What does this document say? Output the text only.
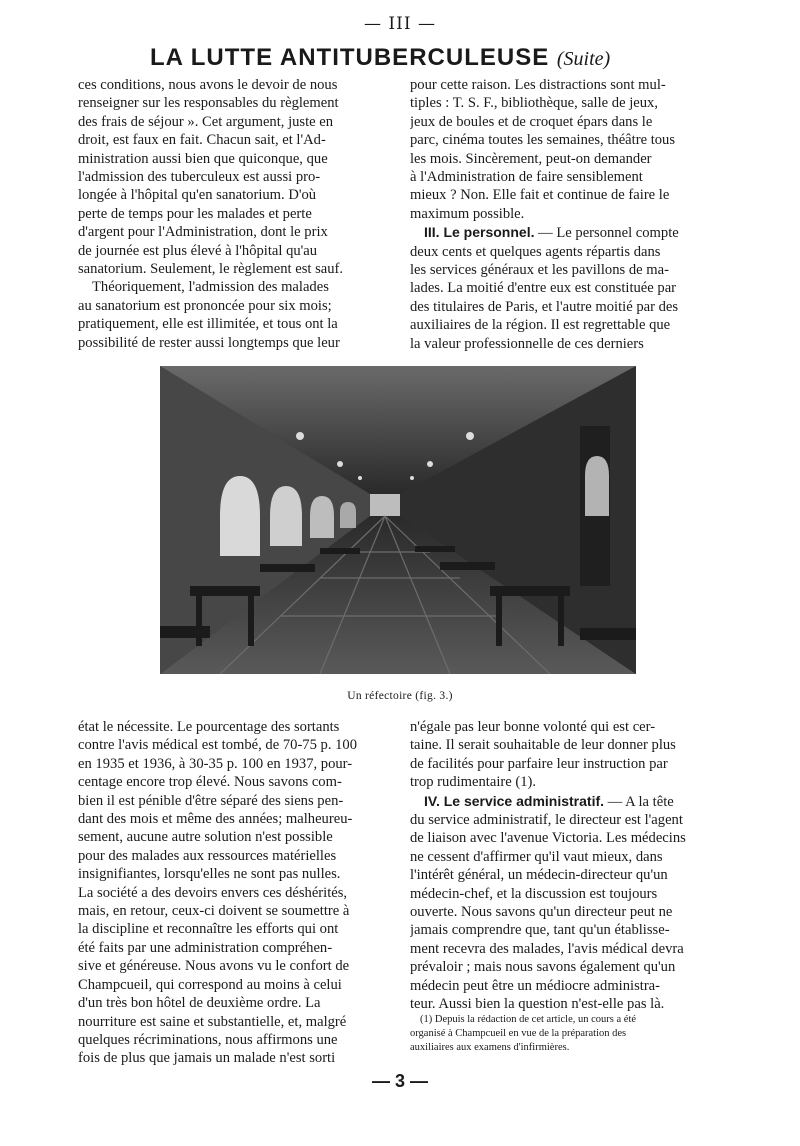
— III —
LA LUTTE ANTITUBERCULEUSE (Suite)

ces conditions, nous avons le devoir de nous

renseigner sur les responsables du règlement

des frais de séjour ». Cet argument, juste en

droit, est faux en fait. Chacun sait, et l'Ad-

ministration aussi bien que quiconque, que

l'admission des tuberculeux est aussi pro-

longée à l'hôpital qu'en sanatorium. D'où

perte de temps pour les malades et perte

d'argent pour l'Administration, dont le prix

de journée est plus élevé à l'hôpital qu'au

sanatorium. Seulement, le règlement est sauf.

Théoriquement, l'admission des malades

au sanatorium est prononcée pour six mois;

pratiquement, elle est illimitée, et tous ont la

possibilité de rester aussi longtemps que leur

pour cette raison. Les distractions sont mul-

tiples : T. S. F., bibliothèque, salle de jeux,

jeux de boules et de croquet épars dans le

parc, cinéma toutes les semaines, théâtre tous

les mois. Sincèrement, peut-on demander

à l'Administration de faire sensiblement

mieux ? Non. Elle fait et continue de faire le

maximum possible.

III. Le personnel. — Le personnel compte

deux cents et quelques agents répartis dans

les services généraux et les pavillons de ma-

lades. La moitié d'entre eux est constituée par

des titulaires de Paris, et l'autre moitié par des

auxiliaires de la région. Il est regrettable que

la valeur professionnelle de ces derniers

Un réfectoire (fig. 3.)

état le nécessite. Le pourcentage des sortants

contre l'avis médical est tombé, de 70-75 p. 100

en 1935 et 1936, à 30-35 p. 100 en 1937, pour-

centage encore trop élevé. Nous savons com-

bien il est pénible d'être séparé des siens pen-

dant des mois et même des années; malheureu-

sement, aucune autre solution n'est possible

pour des malades aux ressources matérielles

insignifiantes, lorsqu'elles ne sont pas nulles.

La société a des devoirs envers ces déshérités,

mais, en retour, ceux-ci doivent se soumettre à

la discipline et reconnaître les efforts qui ont

été faits par une administration compréhen-

sive et généreuse. Nous avons vu le confort de

Champcueil, qui correspond au moins à celui

d'un très bon hôtel de deuxième ordre. La

nourriture est saine et substantielle, et, malgré

quelques récriminations, nous affirmons une

fois de plus que jamais un malade n'est sorti

n'égale pas leur bonne volonté qui est cer-

taine. Il serait souhaitable de leur donner plus

de facilités pour parfaire leur instruction par

trop rudimentaire (1).

IV. Le service administratif. — A la tête

du service administratif, le directeur est l'agent

de liaison avec l'avenue Victoria. Les médecins

ne cessent d'affirmer qu'il vaut mieux, dans

l'intérêt général, un médecin-directeur qu'un

médecin-chef, et la discussion est toujours

ouverte. Nous savons qu'un directeur peut ne

jamais comprendre que, tant qu'un établisse-

ment recevra des malades, l'avis médical devra

prévaloir ; mais nous savons également qu'un

médecin peut être un médiocre administra-

teur. Aussi bien la question n'est-elle pas là.

(1) Depuis la rédaction de cet article, un cours a été

organisé à Champcueil en vue de la préparation des

auxiliaires aux examens d'infirmières.

— 3 —
